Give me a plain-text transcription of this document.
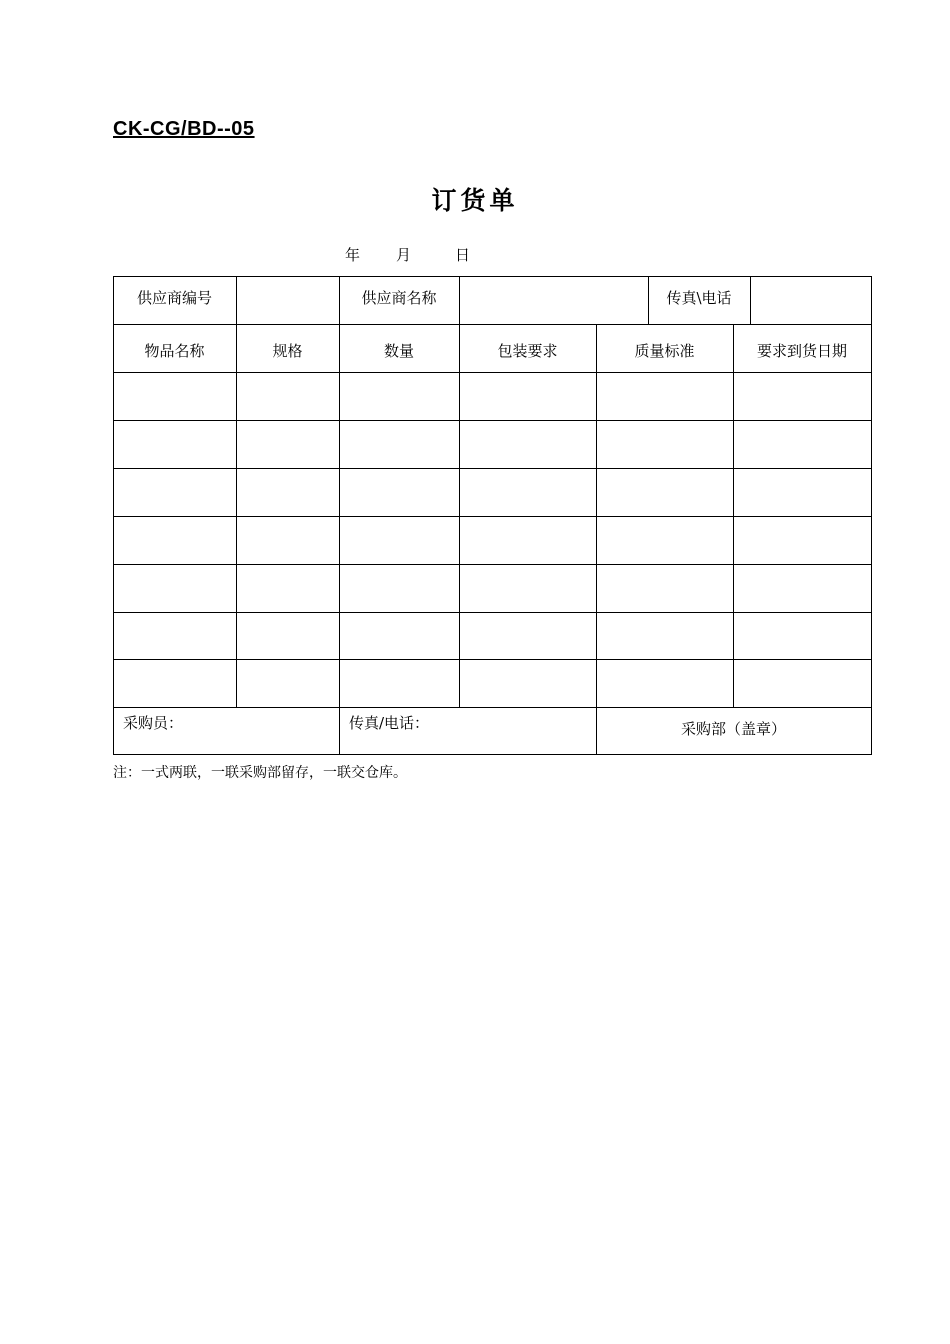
CK-CG/BD--05
订货单
年 月	日
供应商编号	供应商名称	传真\电话
物品名称	规格	数量	包装要求	质量标准	要求到货日期
采购员：	传真/电话：	采购部（盖章）
注：一式两联，一联采购部留存，一联交仓库。
